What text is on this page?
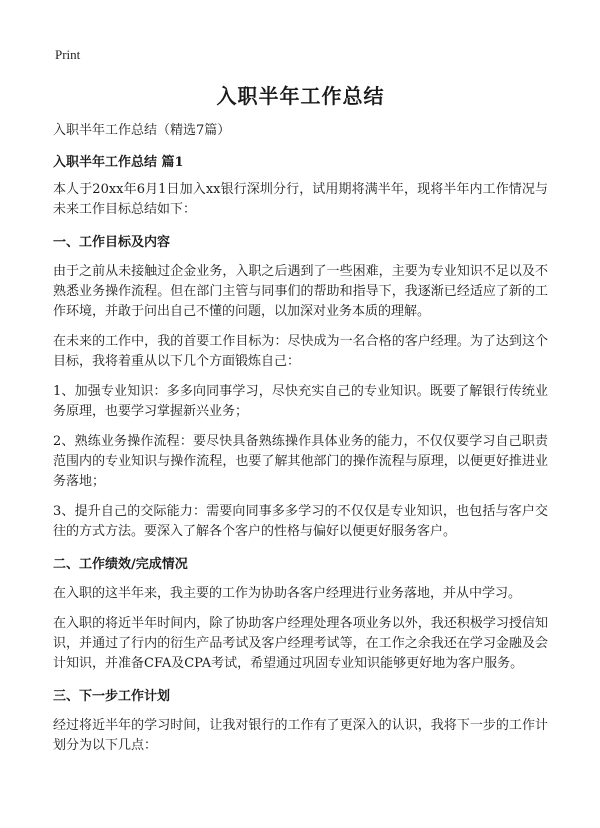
Print
入职半年工作总结

入职半年工作总结（精选7篇）

入职半年工作总结 篇1

本人于20xx年6月1日加入xx银行深圳分行，试用期将满半年，现将半年内工作情况与未来工作目标总结如下：

一、工作目标及内容

由于之前从未接触过企金业务，入职之后遇到了一些困难，主要为专业知识不足以及不熟悉业务操作流程。但在部门主管与同事们的帮助和指导下，我逐渐已经适应了新的工作环境，并敢于问出自己不懂的问题，以加深对业务本质的理解。

在未来的工作中，我的首要工作目标为：尽快成为一名合格的客户经理。为了达到这个目标，我将着重从以下几个方面锻炼自己：

1、加强专业知识：多多向同事学习，尽快充实自己的专业知识。既要了解银行传统业务原理，也要学习掌握新兴业务；

2、熟练业务操作流程：要尽快具备熟练操作具体业务的能力，不仅仅要学习自己职责范围内的专业知识与操作流程，也要了解其他部门的操作流程与原理，以便更好推进业务落地；

3、提升自己的交际能力：需要向同事多多学习的不仅仅是专业知识，也包括与客户交往的方式方法。要深入了解各个客户的性格与偏好以便更好服务客户。

二、工作绩效/完成情况

在入职的这半年来，我主要的工作为协助各客户经理进行业务落地，并从中学习。

在入职的将近半年时间内，除了协助客户经理处理各项业务以外，我还积极学习授信知识，并通过了行内的衍生产品考试及客户经理考试等，在工作之余我还在学习金融及会计知识，并准备CFA及CPA考试，希望通过巩固专业知识能够更好地为客户服务。

三、下一步工作计划

经过将近半年的学习时间，让我对银行的工作有了更深入的认识，我将下一步的工作计划分为以下几点：
